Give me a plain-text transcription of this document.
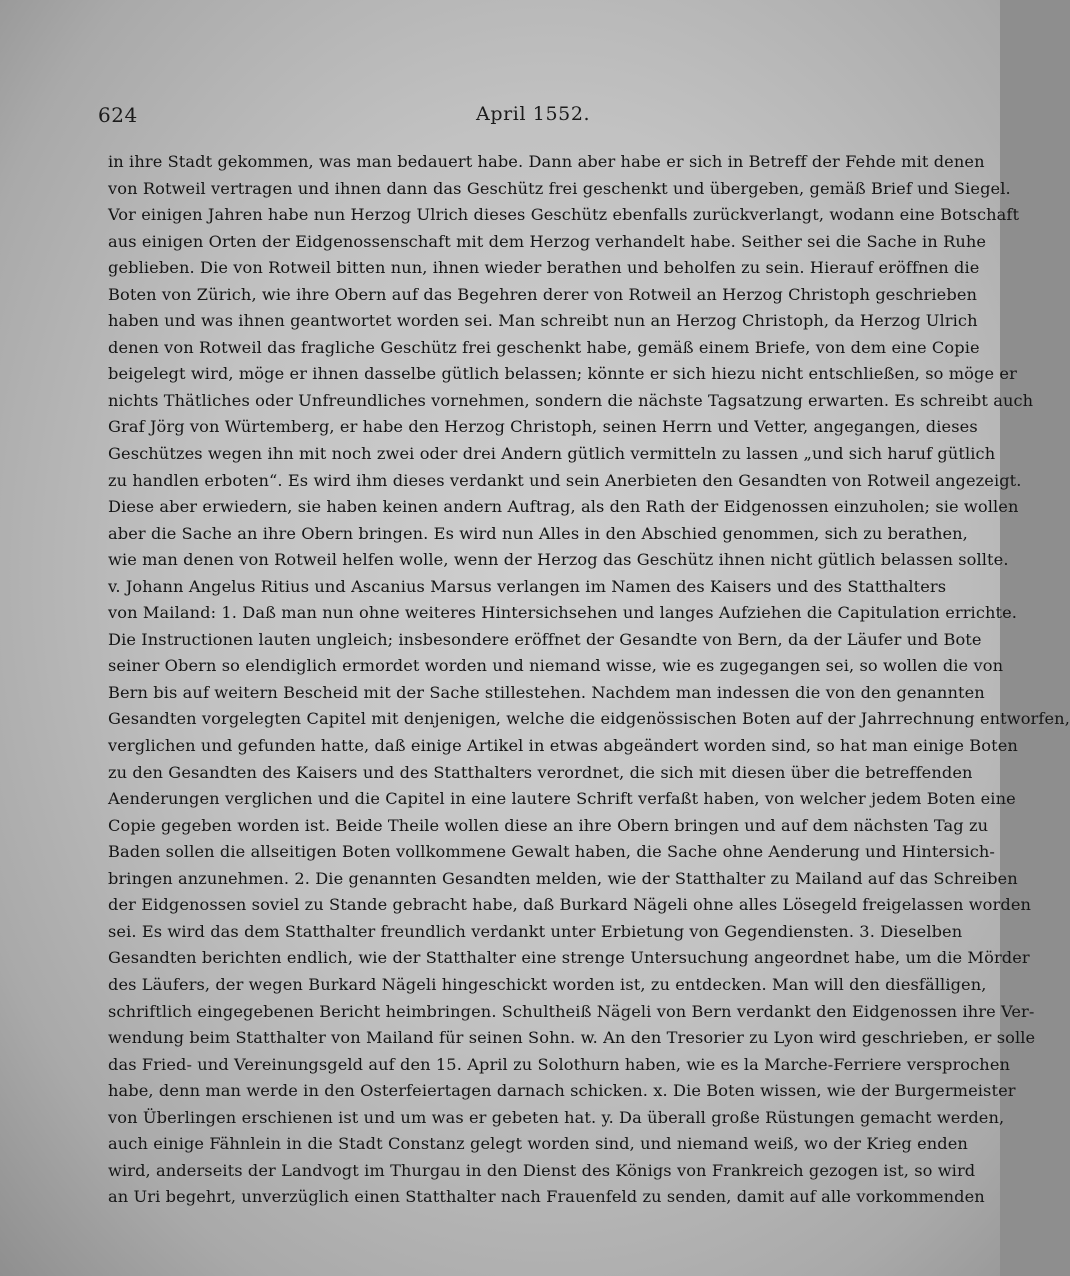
624	April 1552.
in ihre Stadt gekommen, was man bedauert habe. Dann aber habe er sich in Betreff der Fehde mit denen
von Rotweil vertragen und ihnen dann das Geschütz frei geschenkt und übergeben, gemäß Brief und Siegel.
Vor einigen Jahren habe nun Herzog Ulrich dieses Geschütz ebenfalls zurückverlangt, wodann eine Botschaft
aus einigen Orten der Eidgenossenschaft mit dem Herzog verhandelt habe. Seither sei die Sache in Ruhe
geblieben. Die von Rotweil bitten nun, ihnen wieder berathen und beholfen zu sein. Hierauf eröffnen die
Boten von Zürich, wie ihre Obern auf das Begehren derer von Rotweil an Herzog Christoph geschrieben
haben und was ihnen geantwortet worden sei. Man schreibt nun an Herzog Christoph, da Herzog Ulrich
denen von Rotweil das fragliche Geschütz frei geschenkt habe, gemäß einem Briefe, von dem eine Copie
beigelegt wird, möge er ihnen dasselbe gütlich belassen; könnte er sich hiezu nicht entschließen, so möge er
nichts Thätliches oder Unfreundliches vornehmen, sondern die nächste Tagsatzung erwarten. Es schreibt auch
Graf Jörg von Würtemberg, er habe den Herzog Christoph, seinen Herrn und Vetter, angegangen, dieses
Geschützes wegen ihn mit noch zwei oder drei Andern gütlich vermitteln zu lassen „und sich haruf gütlich
zu handlen erboten“. Es wird ihm dieses verdankt und sein Anerbieten den Gesandten von Rotweil angezeigt.
Diese aber erwiedern, sie haben keinen andern Auftrag, als den Rath der Eidgenossen einzuholen; sie wollen
aber die Sache an ihre Obern bringen. Es wird nun Alles in den Abschied genommen, sich zu berathen,
wie man denen von Rotweil helfen wolle, wenn der Herzog das Geschütz ihnen nicht gütlich belassen sollte.
v. Johann Angelus Ritius und Ascanius Marsus verlangen im Namen des Kaisers und des Statthalters
von Mailand: 1. Daß man nun ohne weiteres Hintersichsehen und langes Aufziehen die Capitulation errichte.
Die Instructionen lauten ungleich; insbesondere eröffnet der Gesandte von Bern, da der Läufer und Bote
seiner Obern so elendiglich ermordet worden und niemand wisse, wie es zugegangen sei, so wollen die von
Bern bis auf weitern Bescheid mit der Sache stillestehen. Nachdem man indessen die von den genannten
Gesandten vorgelegten Capitel mit denjenigen, welche die eidgenössischen Boten auf der Jahrrechnung entworfen,
verglichen und gefunden hatte, daß einige Artikel in etwas abgeändert worden sind, so hat man einige Boten
zu den Gesandten des Kaisers und des Statthalters verordnet, die sich mit diesen über die betreffenden
Aenderungen verglichen und die Capitel in eine lautere Schrift verfaßt haben, von welcher jedem Boten eine
Copie gegeben worden ist. Beide Theile wollen diese an ihre Obern bringen und auf dem nächsten Tag zu
Baden sollen die allseitigen Boten vollkommene Gewalt haben, die Sache ohne Aenderung und Hintersich-
bringen anzunehmen. 2. Die genannten Gesandten melden, wie der Statthalter zu Mailand auf das Schreiben
der Eidgenossen soviel zu Stande gebracht habe, daß Burkard Nägeli ohne alles Lösegeld freigelassen worden
sei. Es wird das dem Statthalter freundlich verdankt unter Erbietung von Gegendiensten. 3. Dieselben
Gesandten berichten endlich, wie der Statthalter eine strenge Untersuchung angeordnet habe, um die Mörder
des Läufers, der wegen Burkard Nägeli hingeschickt worden ist, zu entdecken. Man will den diesfälligen,
schriftlich eingegebenen Bericht heimbringen. Schultheiß Nägeli von Bern verdankt den Eidgenossen ihre Ver-
wendung beim Statthalter von Mailand für seinen Sohn. w. An den Tresorier zu Lyon wird geschrieben, er solle
das Fried- und Vereinungsgeld auf den 15. April zu Solothurn haben, wie es la Marche-Ferriere versprochen
habe, denn man werde in den Osterfeiertagen darnach schicken. x. Die Boten wissen, wie der Burgermeister
von Überlingen erschienen ist und um was er gebeten hat. y. Da überall große Rüstungen gemacht werden,
auch einige Fähnlein in die Stadt Constanz gelegt worden sind, und niemand weiß, wo der Krieg enden
wird, anderseits der Landvogt im Thurgau in den Dienst des Königs von Frankreich gezogen ist, so wird
an Uri begehrt, unverzüglich einen Statthalter nach Frauenfeld zu senden, damit auf alle vorkommenden
